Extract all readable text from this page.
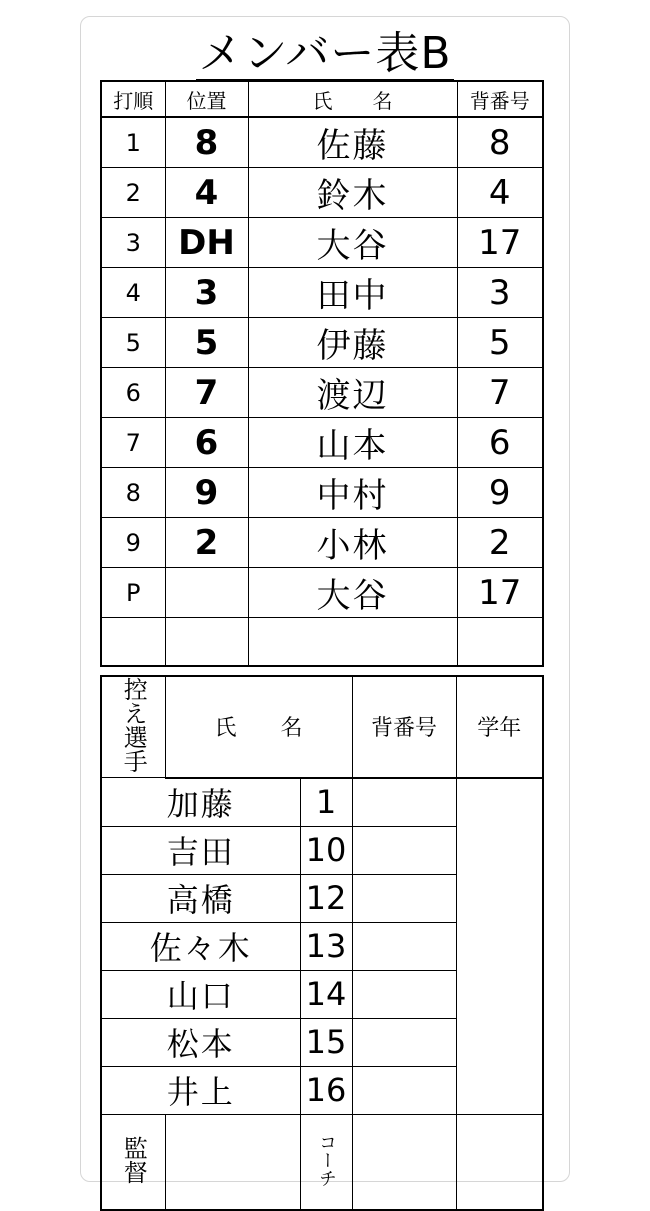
メンバー表B
打順	位置	氏　　名	背番号
1	8	佐藤	8
2	4	鈴木	4
3	DH	大谷	17
4	3	田中	3
5	5	伊藤	5
6	7	渡辺	7
7	6	山本	6
8	9	中村	9
9	2	小林	2
P		大谷	17

控え選手	氏　　名		背番号	学年
加藤		1		
吉田		10		
高橋		12		
佐々木		13		
山口		14		
松本		15		
井上		16		
監督		コーチ		
